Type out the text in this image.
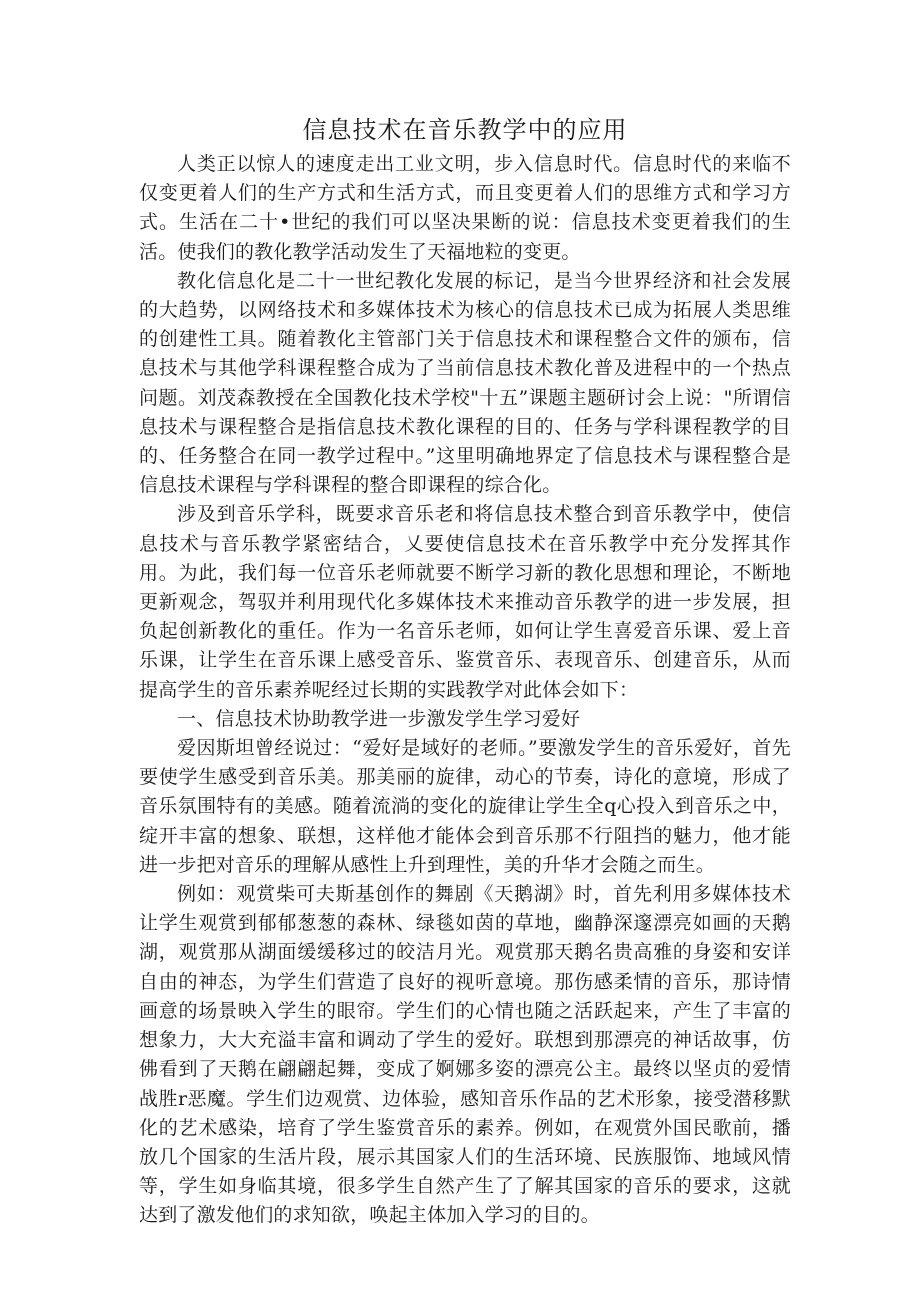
信息技术在音乐教学中的应用

人类正以惊人的速度走出工业文明，步入信息时代。信息时代的来临不仅变更着人们的生产方式和生活方式，而且变更着人们的思维方式和学习方式。生活在二十•世纪的我们可以坚决果断的说：信息技术变更着我们的生活。使我们的教化教学活动发生了天福地粒的变更。

教化信息化是二十一世纪教化发展的标记，是当今世界经济和社会发展的大趋势，以网络技术和多媒体技术为核心的信息技术已成为拓展人类思维的创建性工具。随着教化主管部门关于信息技术和课程整合文件的颁布，信息技术与其他学科课程整合成为了当前信息技术教化普及进程中的一个热点问题。刘茂森教授在全国教化技术学校"十五”课题主题研讨会上说："所谓信息技术与课程整合是指信息技术教化课程的目的、任务与学科课程教学的目的、任务整合在同一教学过程中。”这里明确地界定了信息技术与课程整合是信息技术课程与学科课程的整合即课程的综合化。

涉及到音乐学科，既要求音乐老和将信息技术整合到音乐教学中，使信息技术与音乐教学紧密结合，乂要使信息技术在音乐教学中充分发挥其作用。为此，我们每一位音乐老师就要不断学习新的教化思想和理论，不断地更新观念，驾驭并利用现代化多媒体技术来推动音乐教学的进一步发展，担负起创新教化的重任。作为一名音乐老师，如何让学生喜爱音乐课、爱上音乐课，让学生在音乐课上感受音乐、鉴赏音乐、表现音乐、创建音乐，从而提高学生的音乐素养呢经过长期的实践教学对此体会如下：

一、信息技术协助教学进一步激发学生学习爱好

爱因斯坦曾经说过：“爱好是域好的老师。”要激发学生的音乐爱好，首先要使学生感受到音乐美。那美丽的旋律，动心的节奏，诗化的意境，形成了音乐氛围特有的美感。随着流淌的变化的旋律让学生全q心投入到音乐之中，绽开丰富的想象、联想，这样他才能体会到音乐那不行阻挡的魅力，他才能进一步把对音乐的理解从感性上升到理性，美的升华才会随之而生。

例如：观赏柴可夫斯基创作的舞剧《天鹅湖》时，首先利用多媒体技术让学生观赏到郁郁葱葱的森林、绿毯如茵的草地，幽静深邃漂亮如画的天鹅湖，观赏那从湖面缓缓移过的皎洁月光。观赏那天鹅名贵高雅的身姿和安详自由的神态，为学生们营造了良好的视听意境。那伤感柔情的音乐，那诗情画意的场景映入学生的眼帘。学生们的心情也随之活跃起来，产生了丰富的想象力，大大充溢丰富和调动了学生的爱好。联想到那漂亮的神话故事，仿佛看到了天鹅在翩翩起舞，变成了婀娜多姿的漂亮公主。最终以坚贞的爱情战胜r恶魔。学生们边观赏、边体验，感知音乐作品的艺术形象，接受潜移默化的艺术感染，培育了学生鉴赏音乐的素养。例如，在观赏外国民歌前，播放几个国家的生活片段，展示其国家人们的生活环境、民族服饰、地域风情等，学生如身临其境，很多学生自然产生了了解其国家的音乐的要求，这就达到了激发他们的求知欲，唤起主体加入学习的目的。
